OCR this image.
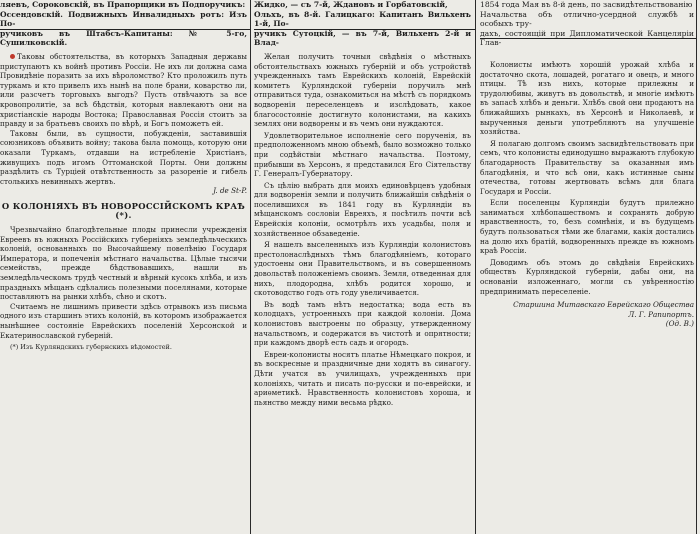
ляевъ, Сороковскій, въ Прапорщики въ Подпоручикъ:
Оссендовскій. Подвижныхъ Инвалидныхъ ротъ: Изъ По-
ручиковъ въ Штабсъ-Капитаны: № 5-го, Сушилковскій.

Таковы обстоятельства, въ которыхъ Западныя державы приступаютъ къ войнѣ противъ Россіи. Не ихъ ли должна сама Провидѣніе поразить за ихъ вѣроломство? Кто проложилъ путь туркамъ и кто привелъ ихъ нынѣ на поле брани, коварство ли, или разсчетъ торговыхъ выгодъ? Пусть отвѣчаютъ за все кровопролитіе, за всѣ бѣдствія, которыя навлекаютъ они на христіанскіе народы Востока; Православная Россія стоитъ за правду и за братьевъ своихъ по вѣрѣ, и Богъ поможетъ ей.

Таковы были, въ сущности, побужденія, заставившія союзниковъ объявить войну; такова была помощь, которую они оказали Туркамъ, отдавши на истребленіе Христіанъ, живущихъ подъ игомъ Оттоманской Порты. Они должны раздѣлить съ Турціей отвѣтственность за разореніе и гибель столькихъ невинныхъ жертвъ.

J. de St-P.
О КОЛОНІЯХЪ ВЪ НОВОРОССІЙСКОМЪ КРАѢ (*).

Чрезвычайно благодѣтельные плоды принесли учрежденія Евреевъ въ южныхъ Россійскихъ губерніяхъ земледѣльческихъ колоній, основанныхъ по Высочайшему повелѣнію Государя Императора, и попеченія мѣстнаго начальства. Цѣлые тысячи семействъ, прежде бѣдствовавшихъ, нашли въ земледѣльческомъ трудѣ честный и вѣрный кусокъ хлѣба, и изъ праздныхъ мѣщанъ сдѣлались полезными поселянами, которые поставляютъ на рынки хлѣбъ, сѣно и скотъ.

Считаемъ не лишнимъ привести здѣсь отрывокъ изъ письма одного изъ старшинъ этихъ колоній, въ которомъ изображается нынѣшнее состояніе Еврейскихъ поселеній Херсонской и Екатеринославской губерній.

(*) Изъ Курляндскихъ губернскихъ вѣдомостей.
Жидко, — съ 7-й, Ждановъ и Горбатовскій,
Ольхъ, въ 8-й. Галицкаго: Капитанъ Вильхенъ 1-й, По-
ручикъ Сутоцкій, — въ 7-й, Вильхенъ 2-й и Влад-

Желая получить точныя свѣдѣнія о мѣстныхъ обстоятельствахъ южныхъ губерній и объ устройствѣ учрежденныхъ тамъ Еврейскихъ колоній, Еврейскій комитетъ Курляндской губерніи поручилъ мнѣ отправиться туда, ознакомиться на мѣстѣ съ порядкомъ водворенія переселенцевъ и изслѣдовать, какое благосостояніе достигнуто колонистами, на какихъ землях они водворены и въ чемъ они нуждаются.

Удовлетворительное исполненіе сего порученія, въ предположенномъ мною объемѣ, было возможно только при содѣйствіи мѣстнаго начальства. Поэтому, прибывши въ Херсонъ, я представился Его Сіятельству Г. Генералъ-Губернатору.

Съ цѣлію выбрать для моихъ единовѣрцевъ удобныя для водворенія земли и получить ближайшія свѣдѣнія о поселившихся въ 1841 году въ Курляндіи въ мѣщанскомъ сословіи Евреяхъ, я посѣтилъ почти всѣ Еврейскія колоніи, осмотрѣлъ ихъ усадьбы, поля и хозяйственное обзаведеніе.

Я нашелъ выселенныхъ изъ Курляндіи колонистовъ престолонаслѣдныхъ тѣмъ благодѣяніемъ, котораго удостоены они Правительствомъ, и въ совершенномъ довольствѣ положеніемъ своимъ. Земля, отведенная для нихъ, плодородна, хлѣбъ родится хорошо, и скотоводство годъ отъ году увеличивается.

Въ водѣ тамъ нѣтъ недостатка; вода есть въ колодцахъ, устроенныхъ при каждой колоніи. Дома колонистовъ выстроены по образцу, утвержденному начальствомъ, и содержатся въ чистотѣ и опрятности; при каждомъ дворѣ есть садъ и огородъ.

Евреи-колонисты носятъ платье Нѣмецкаго покроя, и въ воскресные и праздничные дни ходятъ въ синагогу. Дѣти учатся въ училищахъ, учрежденныхъ при колоніяхъ, читать и писать по-русски и по-еврейски, и ариѳметикѣ. Нравственность колонистовъ хороша, и пьянство между ними весьма рѣдко.

1854 года Мая въ 8-й день, по засвидѣтельствованію
Начальства объ отлично-усердной службѣ и особыхъ тру-
дахъ, состоящій при Дипломатической Канцеляріи Глав-

Колонисты имѣютъ хорошій урожай хлѣба и достаточно скота, лошадей, рогатаго и овецъ, и много птицы. Тѣ изъ нихъ, которые прилежны и трудолюбивы, живутъ въ довольствѣ, и многіе имѣютъ въ запасѣ хлѣбъ и деньги. Хлѣбъ свой они продаютъ на ближайшихъ рынкахъ, въ Херсонѣ и Николаевѣ, и вырученныя деньги употребляютъ на улучшеніе хозяйства.

Я полагаю долгомъ своимъ засвидѣтельствовать при семъ, что колонисты единодушно выражаютъ глубокую благодарность Правительству за оказанныя имъ благодѣянія, и что всѣ они, какъ истинные сыны отечества, готовы жертвовать всѣмъ для блага Государя и Россіи.

Если поселенцы Курляндіи будутъ прилежно заниматься хлѣбопашествомъ и сохранять добрую нравственность, то, безъ сомнѣнія, и въ будущемъ будутъ пользоваться тѣми же благами, какія достались на долю ихъ братій, водворенныхъ прежде въ южномъ краѣ Россіи.

Доводимъ объ этомъ до свѣдѣнія Еврейскихъ обществъ Курляндской губерніи, дабы они, на основаніи изложеннаго, могли съ увѣренностію предпринимать переселеніе.

Старшина Митавскаго Еврейскаго Общества
Л. Г. Рапипортъ.
(Од. В.)
